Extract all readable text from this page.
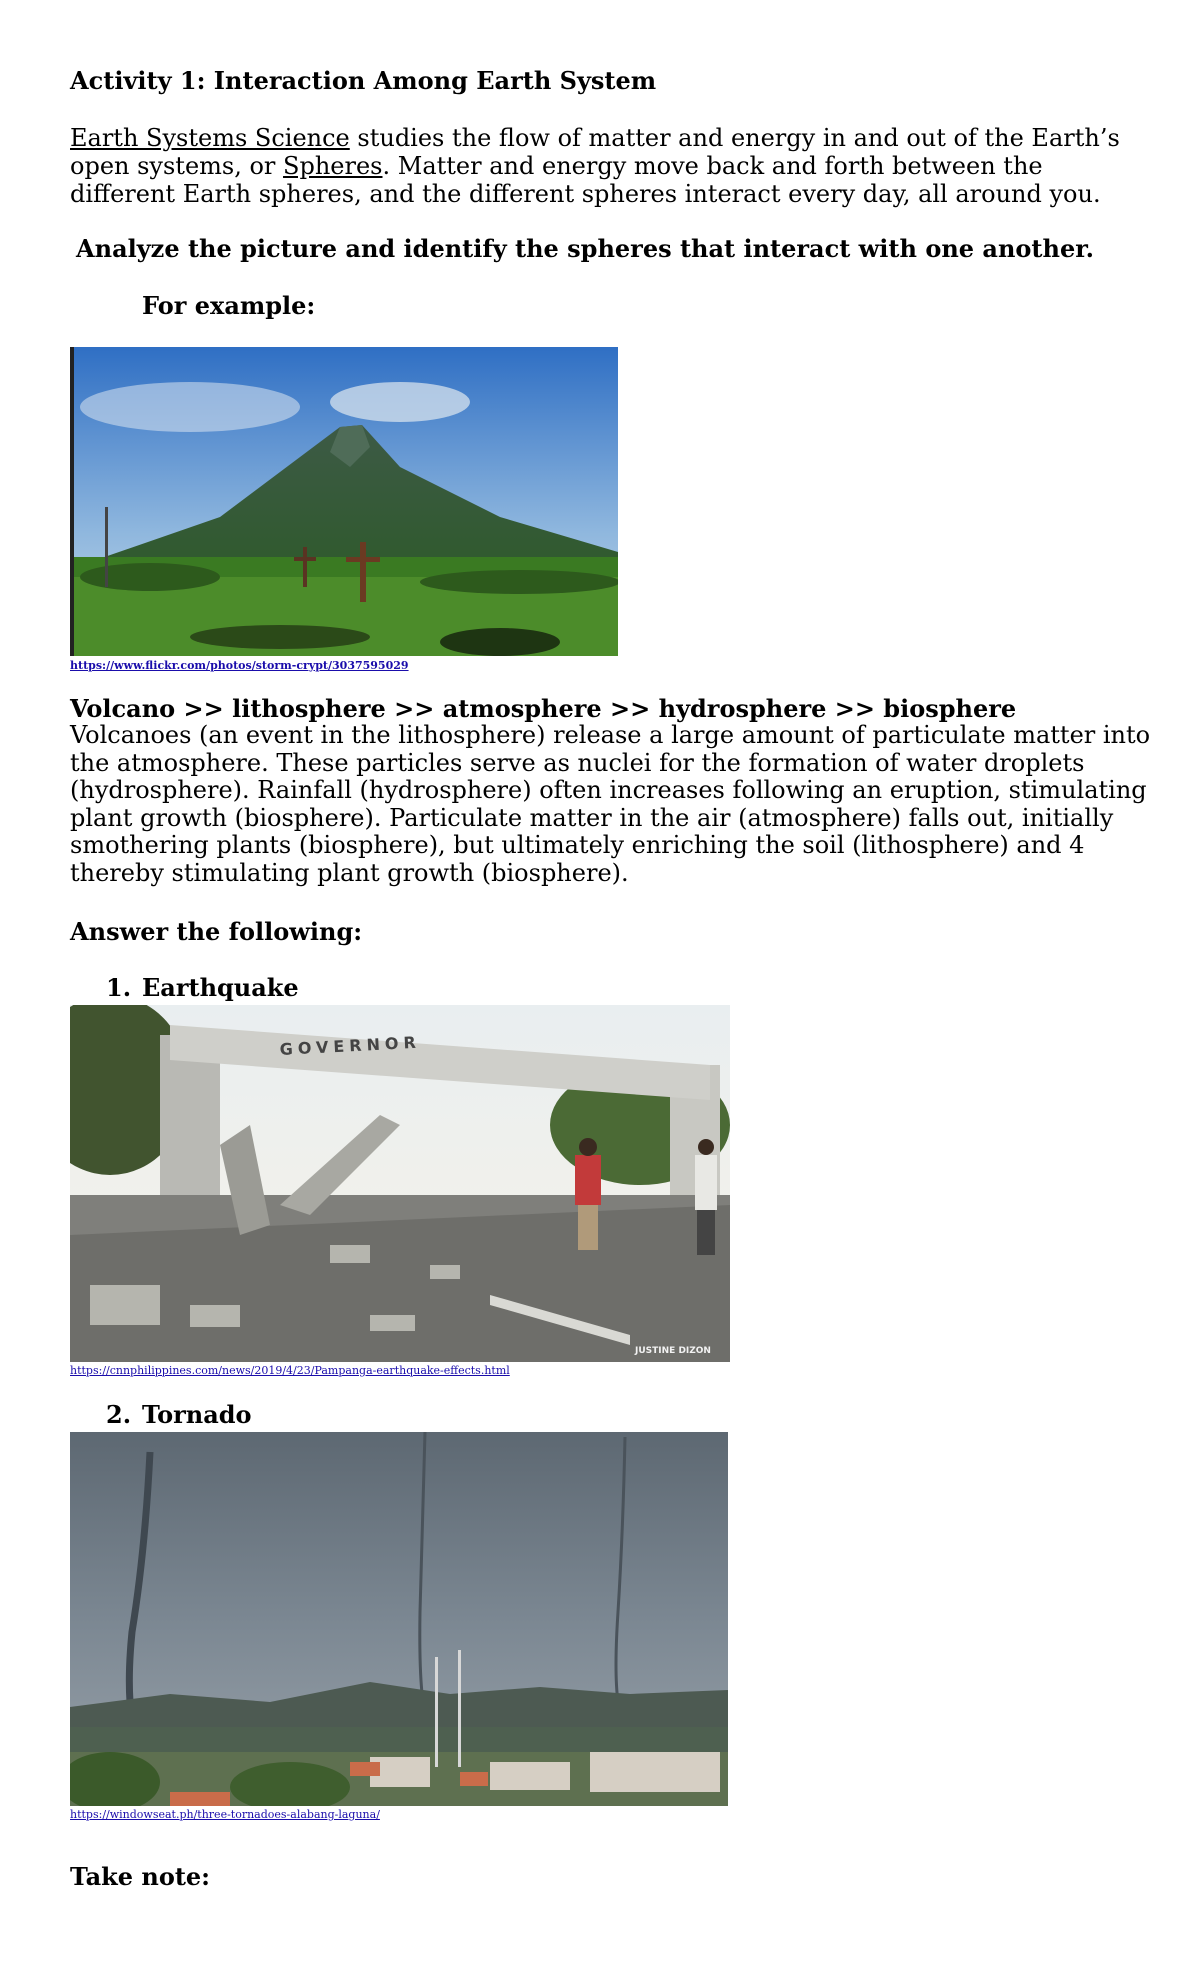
Activity 1: Interaction Among Earth System
Earth Systems Science studies the flow of matter and energy in and out of the Earth’s open systems, or Spheres. Matter and energy move back and forth between the different Earth spheres, and the different spheres interact every day, all around you.
Analyze the picture and identify the spheres that interact with one another.
For example:
https://www.flickr.com/photos/storm-crypt/3037595029
Volcano >> lithosphere >> atmosphere >> hydrosphere >> biosphere
Volcanoes (an event in the lithosphere) release a large amount of particulate matter into the atmosphere. These particles serve as nuclei for the formation of water droplets (hydrosphere). Rainfall (hydrosphere) often increases following an eruption, stimulating plant growth (biosphere). Particulate matter in the air (atmosphere) falls out, initially smothering plants (biosphere), but ultimately enriching the soil (lithosphere) and 4 thereby stimulating plant growth (biosphere).
Answer the following:
1. Earthquake
GOVERNOR
JUSTINE DIZON
https://cnnphilippines.com/news/2019/4/23/Pampanga-earthquake-effects.html
2. Tornado
https://windowseat.ph/three-tornadoes-alabang-laguna/
Take note:
